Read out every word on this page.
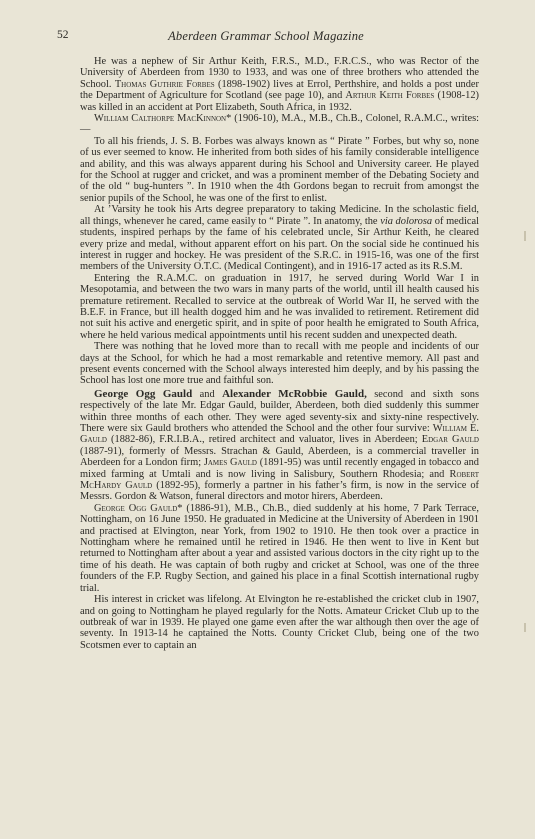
52	Aberdeen Grammar School Magazine

He was a nephew of Sir Arthur Keith, F.R.S., M.D., F.R.C.S., who was Rector of the University of Aberdeen from 1930 to 1933, and was one of three brothers who attended the School. Thomas Guthrie Forbes (1898-1902) lives at Errol, Perthshire, and holds a post under the Department of Agriculture for Scotland (see page 10), and Arthur Keith Forbes (1908-12) was killed in an accident at Port Elizabeth, South Africa, in 1932.

William Calthorpe MacKinnon* (1906-10), M.A., M.B., Ch.B., Colonel, R.A.M.C., writes:—

To all his friends, J. S. B. Forbes was always known as “ Pirate ” Forbes, but why so, none of us ever seemed to know. He inherited from both sides of his family considerable intelligence and ability, and this was always apparent during his School and University career. He played for the School at rugger and cricket, and was a prominent member of the Debating Society and of the old “ bug-hunters ”. In 1910 when the 4th Gordons began to recruit from amongst the senior pupils of the School, he was one of the first to enlist.

At ’Varsity he took his Arts degree preparatory to taking Medicine. In the scholastic field, all things, whenever he cared, came easily to “ Pirate ”. In anatomy, the via dolorosa of medical students, inspired perhaps by the fame of his celebrated uncle, Sir Arthur Keith, he cleared every prize and medal, without apparent effort on his part. On the social side he continued his interest in rugger and hockey. He was president of the S.R.C. in 1915-16, was one of the first members of the University O.T.C. (Medical Contingent), and in 1916-17 acted as its R.S.M.

Entering the R.A.M.C. on graduation in 1917, he served during World War I in Mesopotamia, and between the two wars in many parts of the world, until ill health caused his premature retirement. Recalled to service at the outbreak of World War II, he served with the B.E.F. in France, but ill health dogged him and he was invalided to retirement. Retirement did not suit his active and energetic spirit, and in spite of poor health he emigrated to South Africa, where he held various medical appointments until his recent sudden and unexpected death.

There was nothing that he loved more than to recall with me people and incidents of our days at the School, for which he had a most remarkable and retentive memory. All past and present events concerned with the School always interested him deeply, and by his passing the School has lost one more true and faithful son.

George Ogg Gauld and Alexander McRobbie Gauld, second and sixth sons respectively of the late Mr. Edgar Gauld, builder, Aberdeen, both died suddenly this summer within three months of each other. They were aged seventy-six and sixty-nine respectively. There were six Gauld brothers who attended the School and the other four survive: William E. Gauld (1882-86), F.R.I.B.A., retired architect and valuator, lives in Aberdeen; Edgar Gauld (1887-91), formerly of Messrs. Strachan & Gauld, Aberdeen, is a commercial traveller in Aberdeen for a London firm; James Gauld (1891-95) was until recently engaged in tobacco and mixed farming at Umtali and is now living in Salisbury, Southern Rhodesia; and Robert McHardy Gauld (1892-95), formerly a partner in his father’s firm, is now in the service of Messrs. Gordon & Watson, funeral directors and motor hirers, Aberdeen.

George Ogg Gauld* (1886-91), M.B., Ch.B., died suddenly at his home, 7 Park Terrace, Nottingham, on 16 June 1950. He graduated in Medicine at the University of Aberdeen in 1901 and practised at Elvington, near York, from 1902 to 1910. He then took over a practice in Nottingham where he remained until he retired in 1946. He then went to live in Kent but returned to Nottingham after about a year and assisted various doctors in the city right up to the time of his death. He was captain of both rugby and cricket at School, was one of the three founders of the F.P. Rugby Section, and gained his place in a final Scottish international rugby trial.

His interest in cricket was lifelong. At Elvington he re-established the cricket club in 1907, and on going to Nottingham he played regularly for the Notts. Amateur Cricket Club up to the outbreak of war in 1939. He played one game even after the war although then over the age of seventy. In 1913-14 he captained the Notts. County Cricket Club, being one of the two Scotsmen ever to captain an
